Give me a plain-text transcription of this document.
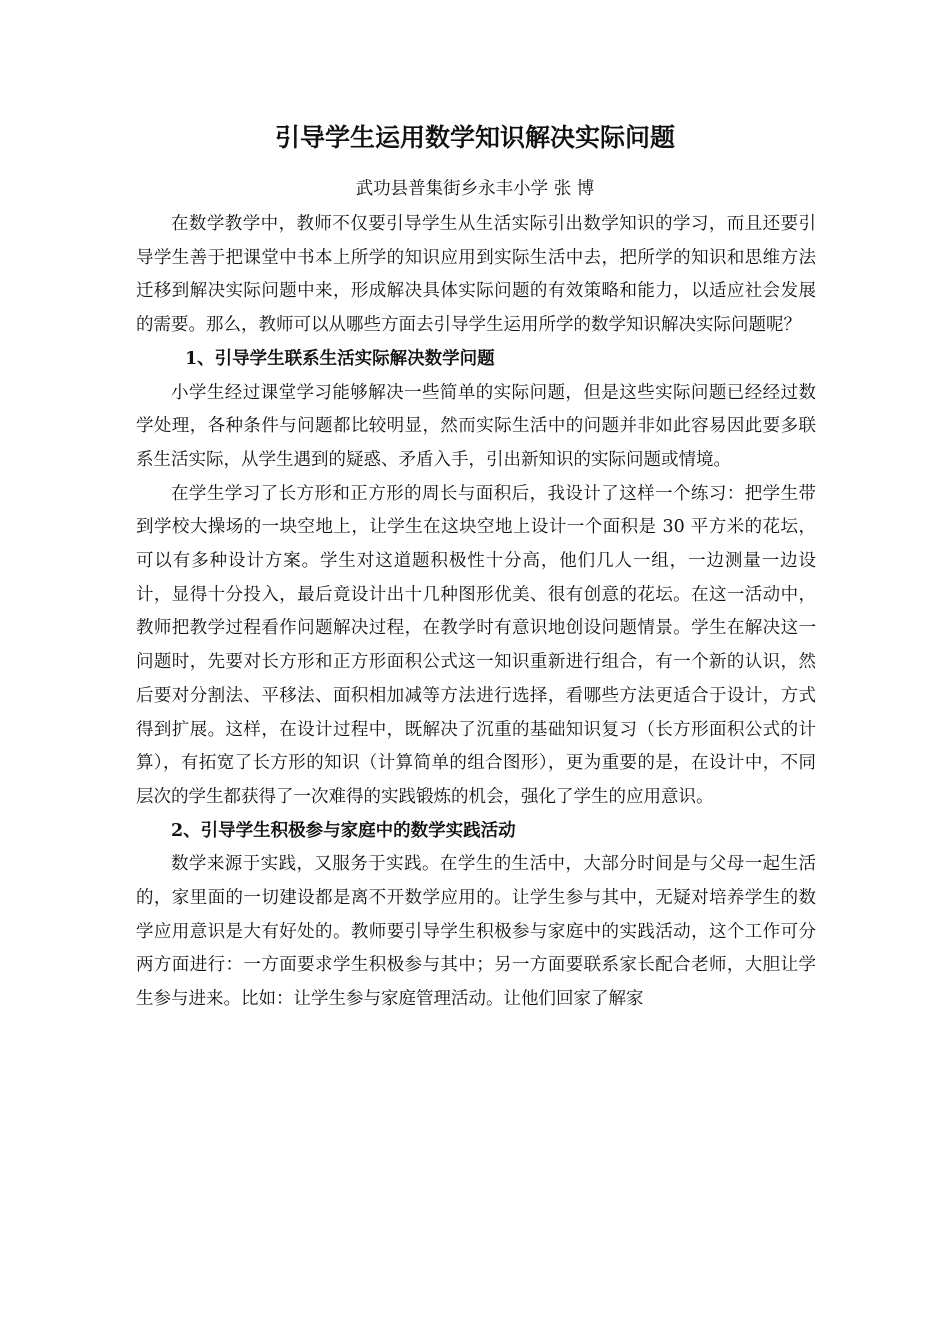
引导学生运用数学知识解决实际问题
武功县普集街乡永丰小学 张 博

在数学教学中，教师不仅要引导学生从生活实际引出数学知识的学习，而且还要引导学生善于把课堂中书本上所学的知识应用到实际生活中去，把所学的知识和思维方法迁移到解决实际问题中来，形成解决具体实际问题的有效策略和能力，以适应社会发展的需要。那么，教师可以从哪些方面去引导学生运用所学的数学知识解决实际问题呢？

1、引导学生联系生活实际解决数学问题

小学生经过课堂学习能够解决一些简单的实际问题，但是这些实际问题已经经过数学处理，各种条件与问题都比较明显，然而实际生活中的问题并非如此容易因此要多联系生活实际，从学生遇到的疑惑、矛盾入手，引出新知识的实际问题或情境。

在学生学习了长方形和正方形的周长与面积后，我设计了这样一个练习：把学生带到学校大操场的一块空地上，让学生在这块空地上设计一个面积是 30 平方米的花坛，可以有多种设计方案。学生对这道题积极性十分高，他们几人一组，一边测量一边设计，显得十分投入，最后竟设计出十几种图形优美、很有创意的花坛。在这一活动中，教师把教学过程看作问题解决过程，在教学时有意识地创设问题情景。学生在解决这一问题时，先要对长方形和正方形面积公式这一知识重新进行组合，有一个新的认识，然后要对分割法、平移法、面积相加减等方法进行选择，看哪些方法更适合于设计，方式得到扩展。这样，在设计过程中，既解决了沉重的基础知识复习（长方形面积公式的计算），有拓宽了长方形的知识（计算简单的组合图形），更为重要的是，在设计中，不同层次的学生都获得了一次难得的实践锻炼的机会，强化了学生的应用意识。

2、引导学生积极参与家庭中的数学实践活动

数学来源于实践，又服务于实践。在学生的生活中，大部分时间是与父母一起生活的，家里面的一切建设都是离不开数学应用的。让学生参与其中，无疑对培养学生的数学应用意识是大有好处的。教师要引导学生积极参与家庭中的实践活动，这个工作可分两方面进行：一方面要求学生积极参与其中；另一方面要联系家长配合老师，大胆让学生参与进来。比如：让学生参与家庭管理活动。让他们回家了解家
